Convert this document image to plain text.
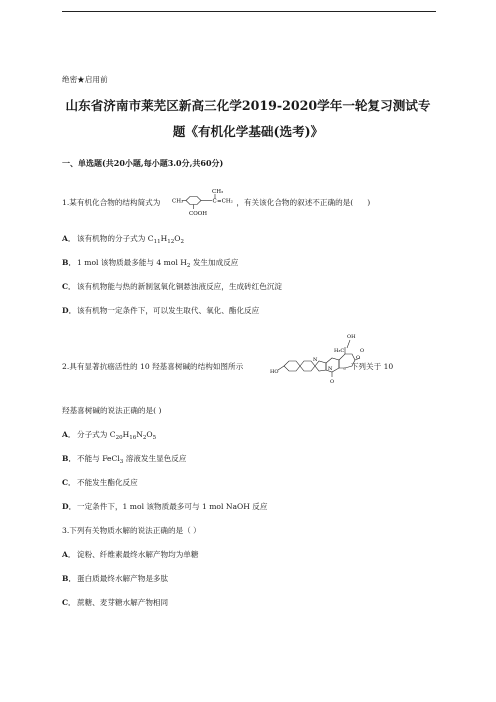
绝密★启用前
山东省济南市莱芜区新高三化学2019-2020学年一轮复习测试专
题《有机化学基础(选考)》
一、单选题(共20小题,每小题3.0分,共60分)
1.某有机化合物的结构简式为	，有关该化合物的叙述不正确的是( )
CH₃
CH₃	C =CH₂
COOH
A． 该有机物的分子式为 $C_{11}H_{12}O_2$
B．1 mol 该物质最多能与 4 mol $H_2$ 发生加成反应
C．该有机物能与热的新制氢氧化铜悬浊液反应，生成砖红色沉淀
D．该有机物一定条件下，可以发生取代、氧化、酯化反应
2.具有显著抗癌活性的 10 羟基喜树碱的结构如图所示	。下列关于 10
HO
N
N
H₃C
OH
O
O
O
羟基喜树碱的说法正确的是( )
A． 分子式为 $C_{20}H_{16}N_2O_5$
B．不能与 FeCl$_3$ 溶液发生显色反应
C．不能发生酯化反应
D．一定条件下，1 mol 该物质最多可与 1 mol NaOH 反应
3.下列有关物质水解的说法正确的是（ ）
A． 淀粉、纤维素最终水解产物均为单糖
B．蛋白质最终水解产物是多肽
C．蔗糖、麦芽糖水解产物相同
